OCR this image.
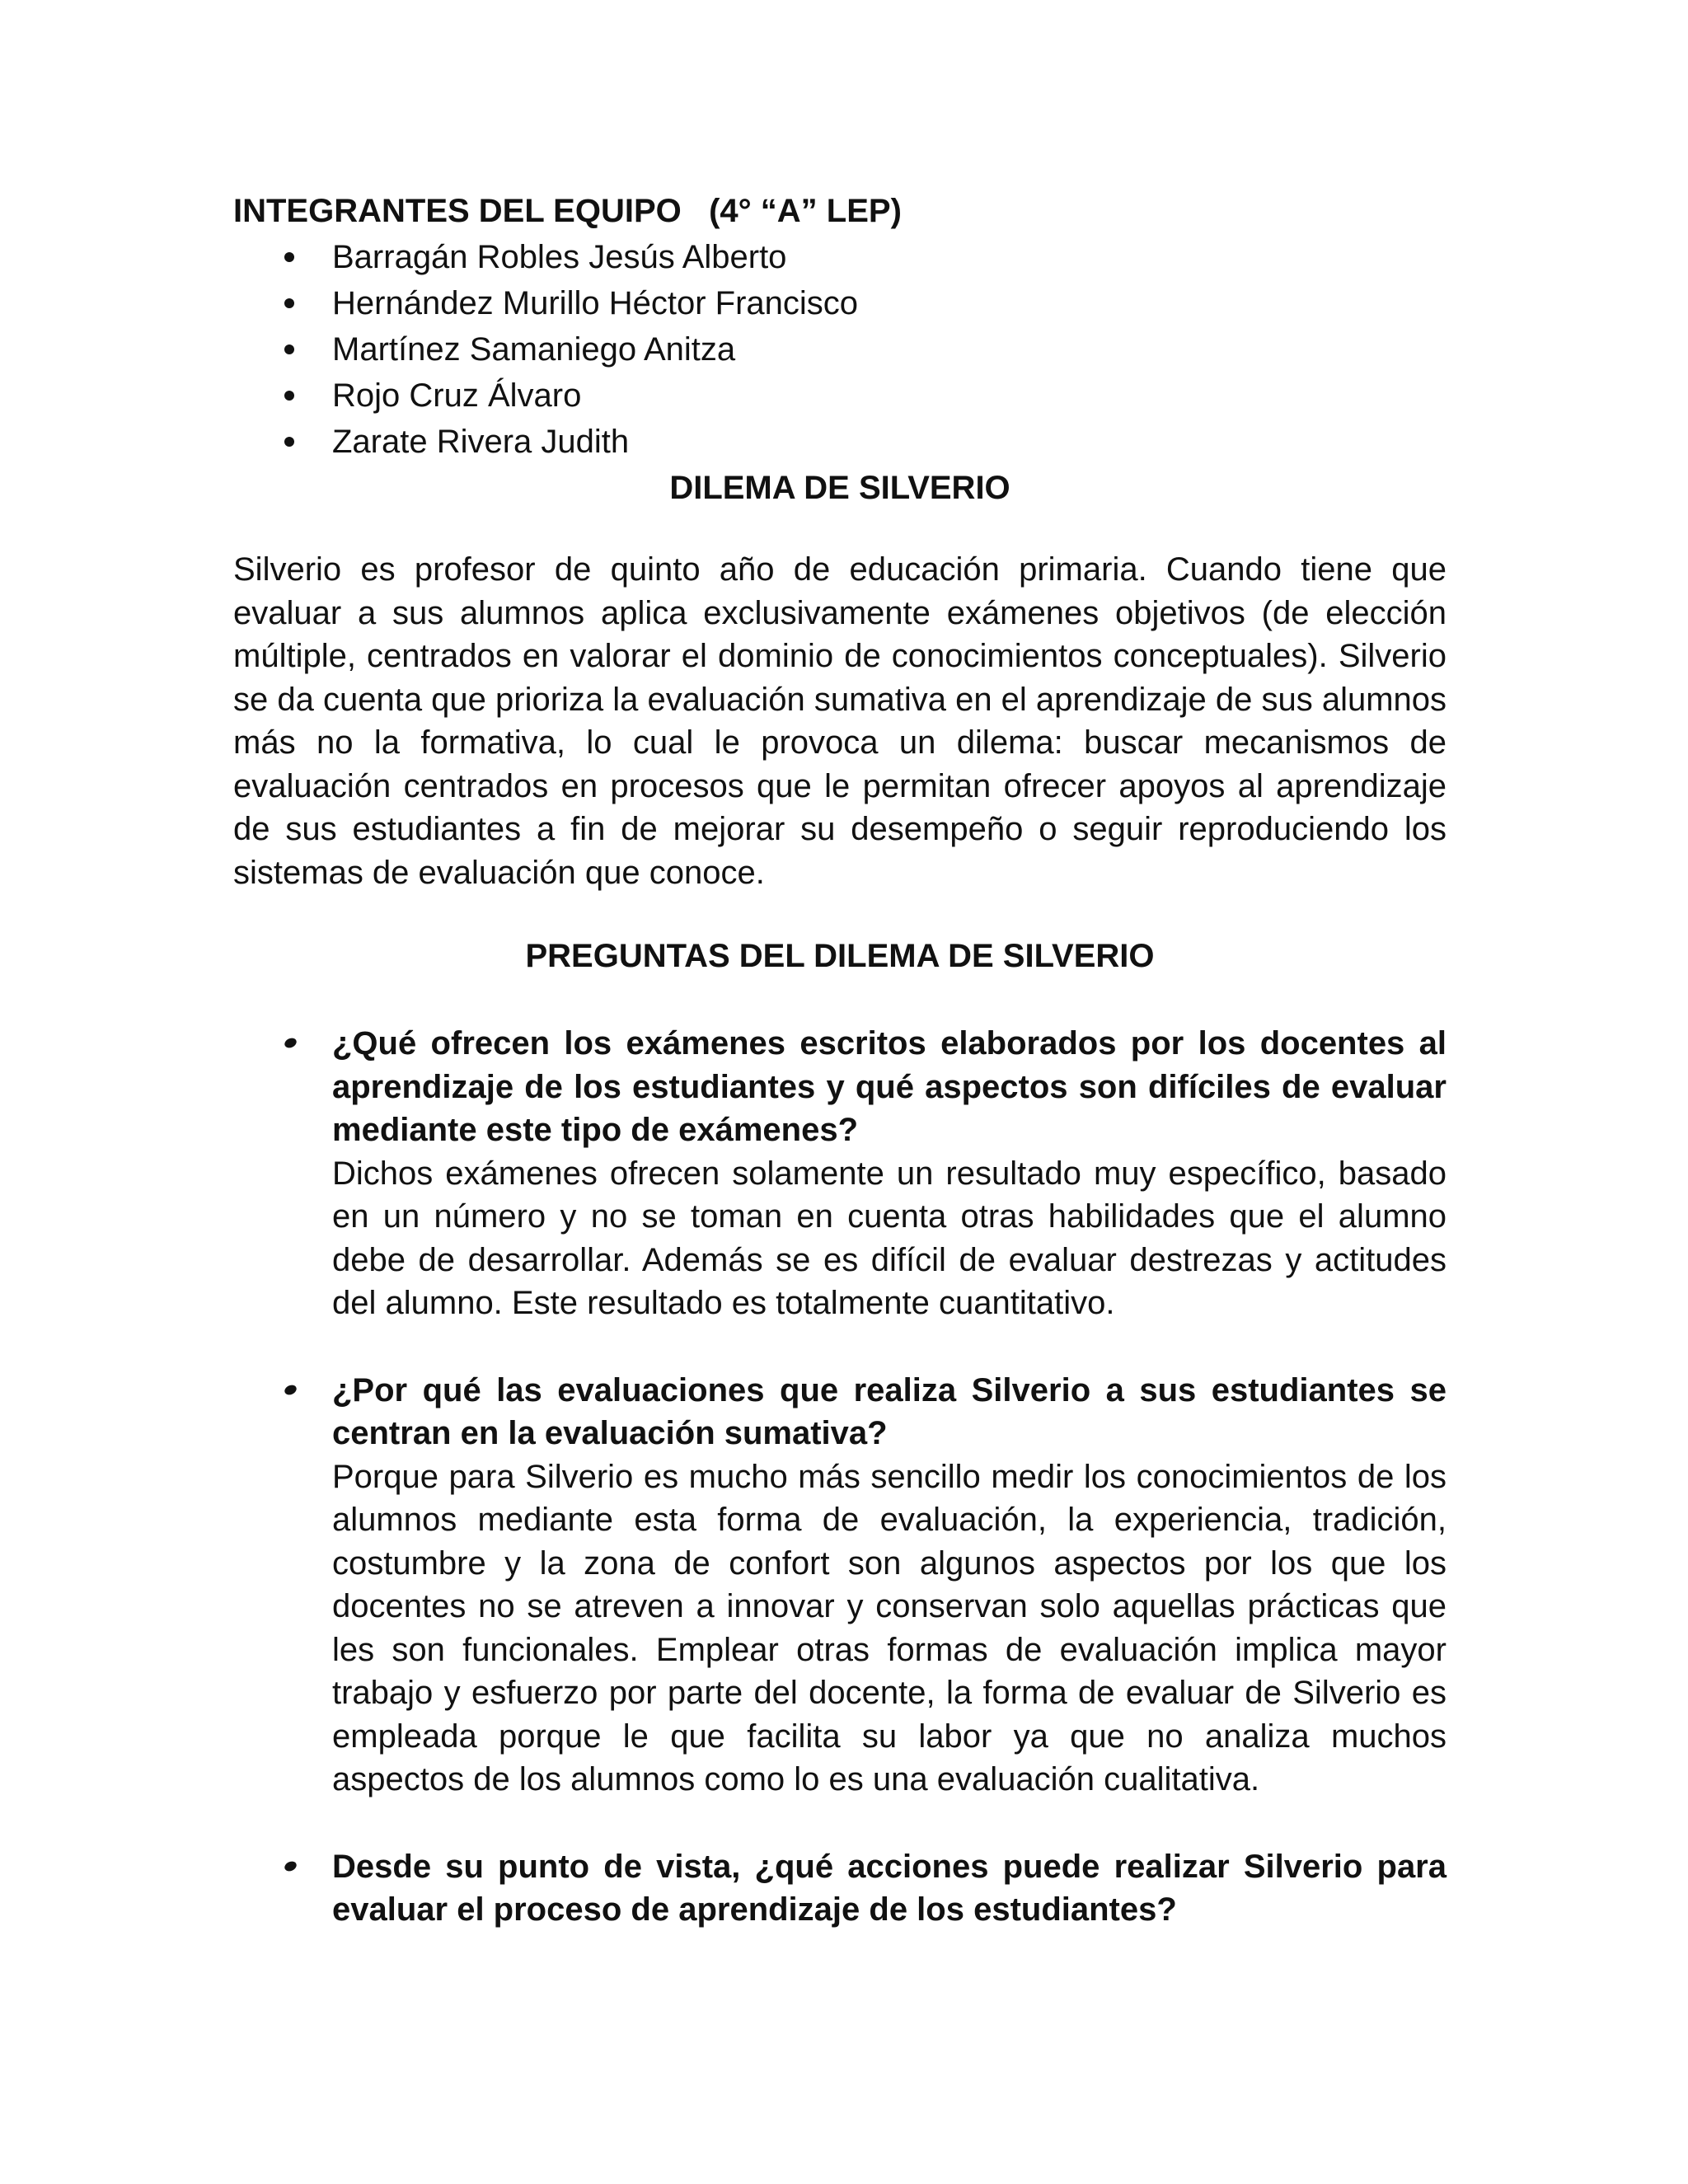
INTEGRANTES DEL EQUIPO   (4° “A” LEP)

Barragán Robles Jesús Alberto
Hernández Murillo Héctor Francisco
Martínez Samaniego Anitza
Rojo Cruz Álvaro
Zarate Rivera Judith

DILEMA DE SILVERIO

Silverio es profesor de quinto año de educación primaria. Cuando tiene que evaluar a sus alumnos aplica exclusivamente exámenes objetivos (de elección múltiple, centrados en valorar el dominio de conocimientos conceptuales). Silverio se da cuenta que prioriza la evaluación sumativa en el aprendizaje de sus alumnos más no la formativa, lo cual le provoca un dilema: buscar mecanismos de evaluación centrados en procesos que le permitan ofrecer apoyos al aprendizaje de sus estudiantes a fin de mejorar su desempeño o seguir reproduciendo los sistemas de evaluación que conoce.

PREGUNTAS DEL DILEMA DE SILVERIO

¿Qué ofrecen los exámenes escritos elaborados por los docentes al aprendizaje de los estudiantes y qué aspectos son difíciles de evaluar mediante este tipo de exámenes?

Dichos exámenes ofrecen solamente un resultado muy específico, basado en un número y no se toman en cuenta otras habilidades que el alumno debe de desarrollar. Además se es difícil de evaluar destrezas y actitudes del alumno. Este resultado es totalmente cuantitativo.

¿Por qué las evaluaciones que realiza Silverio a sus estudiantes se centran en la evaluación sumativa?

Porque para Silverio es mucho más sencillo medir los conocimientos de los alumnos mediante esta forma de evaluación, la experiencia, tradición, costumbre y la zona de confort son algunos aspectos por los que los docentes no se atreven a innovar y conservan solo aquellas prácticas que les son funcionales. Emplear otras formas de evaluación implica mayor trabajo y esfuerzo por parte del docente, la forma de evaluar de Silverio es empleada porque le que facilita su labor ya que no analiza muchos aspectos de los alumnos como lo es una evaluación cualitativa.

Desde su punto de vista, ¿qué acciones puede realizar Silverio para evaluar el proceso de aprendizaje de los estudiantes?
